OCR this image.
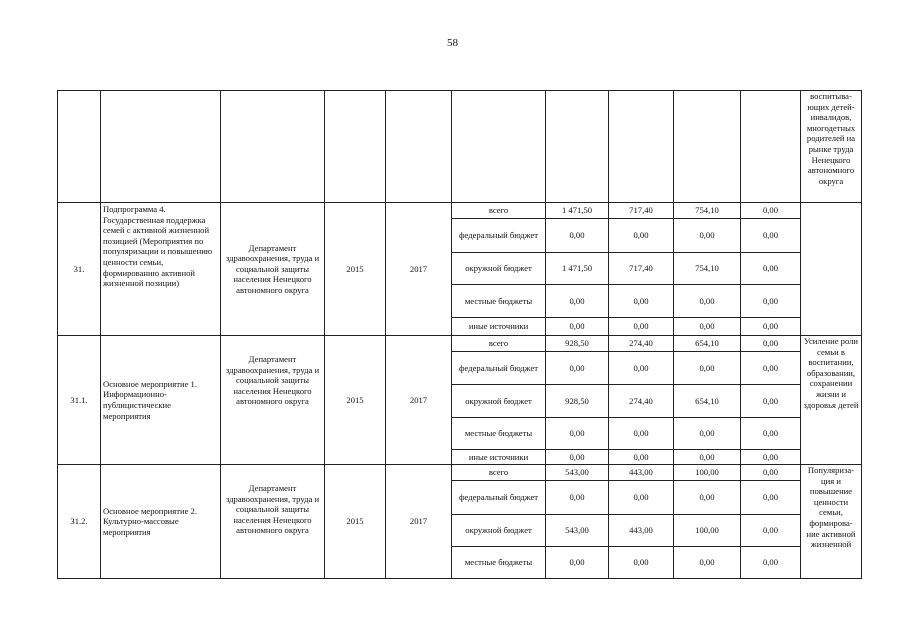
58
										воспитыва-ющих детей-инвалидов, многодетных родителей на рынке труда Ненецкого автономного округа
31.	Подпрограмма 4. Государственная поддержка семей с активной жизненной позицией (Мероприятия по популяризации и повышению ценности семьи, формированию активной жизненной позиции)	Департамент здравоохранения, труда и социальной защиты населения Ненецкого автономного округа	2015	2017	всего	1 471,50	717,40	754,10	0,00	
					федеральный бюджет	0,00	0,00	0,00	0,00	
					окружной бюджет	1 471,50	717,40	754,10	0,00	
					местные бюджеты	0,00	0,00	0,00	0,00	
					иные источники	0,00	0,00	0,00	0,00	
31.1.	Основное мероприятие 1. Информационно-публицистические мероприятия	Департамент здравоохранения, труда и социальной защиты населения Ненецкого автономного округа	2015	2017	всего	928,50	274,40	654,10	0,00	Усиление роли семьи в воспитании, образовании, сохранении жизни и здоровья детей
					федеральный бюджет	0,00	0,00	0,00	0,00	
					окружной бюджет	928,50	274,40	654,10	0,00	
					местные бюджеты	0,00	0,00	0,00	0,00	
					иные источники	0,00	0,00	0,00	0,00	
31.2.	Основное мероприятие 2. Культурно-массовые мероприятия	Департамент здравоохранения, труда и социальной защиты населения Ненецкого автономного округа	2015	2017	всего	543,00	443,00	100,00	0,00	Популяриза-ция и повышение ценности семьи, формирова-ние активной жизненной
					федеральный бюджет	0,00	0,00	0,00	0,00	
					окружной бюджет	543,00	443,00	100,00	0,00	
					местные бюджеты	0,00	0,00	0,00	0,00	
